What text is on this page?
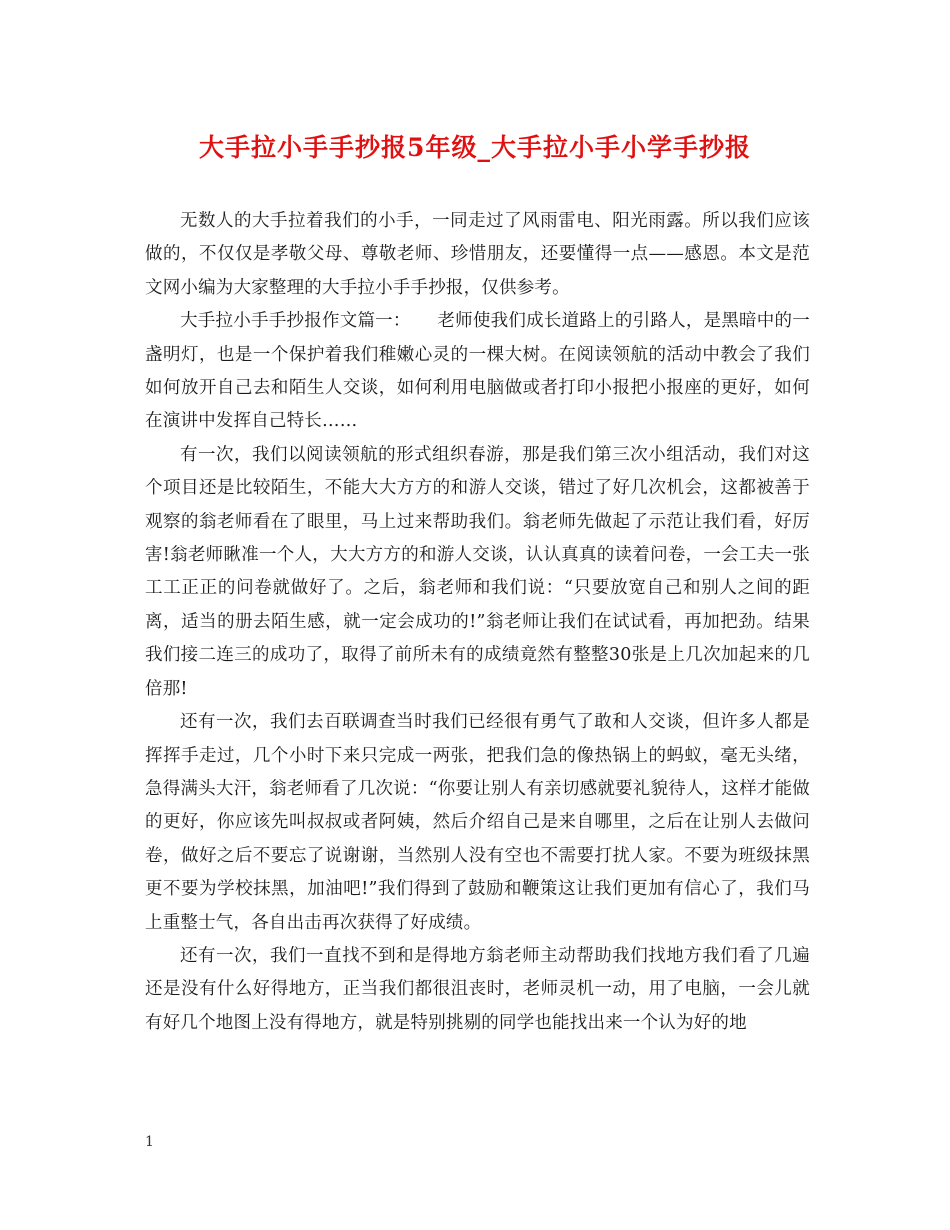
大手拉小手手抄报5年级_大手拉小手小学手抄报

无数人的大手拉着我们的小手，一同走过了风雨雷电、阳光雨露。所以我们应该做的，不仅仅是孝敬父母、尊敬老师、珍惜朋友，还要懂得一点——感恩。本文是范文网小编为大家整理的大手拉小手手抄报，仅供参考。

大手拉小手手抄报作文篇一：　　老师使我们成长道路上的引路人，是黑暗中的一盏明灯，也是一个保护着我们稚嫩心灵的一棵大树。在阅读领航的活动中教会了我们如何放开自己去和陌生人交谈，如何利用电脑做或者打印小报把小报座的更好，如何在演讲中发挥自己特长……

有一次，我们以阅读领航的形式组织春游，那是我们第三次小组活动，我们对这个项目还是比较陌生，不能大大方方的和游人交谈，错过了好几次机会，这都被善于观察的翁老师看在了眼里，马上过来帮助我们。翁老师先做起了示范让我们看，好厉害!翁老师瞅准一个人，大大方方的和游人交谈，认认真真的读着问卷，一会工夫一张工工正正的问卷就做好了。之后，翁老师和我们说：“只要放宽自己和别人之间的距离，适当的册去陌生感，就一定会成功的!”翁老师让我们在试试看，再加把劲。结果我们接二连三的成功了，取得了前所未有的成绩竟然有整整30张是上几次加起来的几倍那!

还有一次，我们去百联调查当时我们已经很有勇气了敢和人交谈，但许多人都是挥挥手走过，几个小时下来只完成一两张，把我们急的像热锅上的蚂蚁，毫无头绪，急得满头大汗，翁老师看了几次说：“你要让别人有亲切感就要礼貌待人，这样才能做的更好，你应该先叫叔叔或者阿姨，然后介绍自己是来自哪里，之后在让别人去做问卷，做好之后不要忘了说谢谢，当然别人没有空也不需要打扰人家。不要为班级抹黑更不要为学校抹黑，加油吧!”我们得到了鼓励和鞭策这让我们更加有信心了，我们马上重整士气，各自出击再次获得了好成绩。

还有一次，我们一直找不到和是得地方翁老师主动帮助我们找地方我们看了几遍还是没有什么好得地方，正当我们都很沮丧时，老师灵机一动，用了电脑，一会儿就有好几个地图上没有得地方，就是特别挑剔的同学也能找出来一个认为好的地

1
